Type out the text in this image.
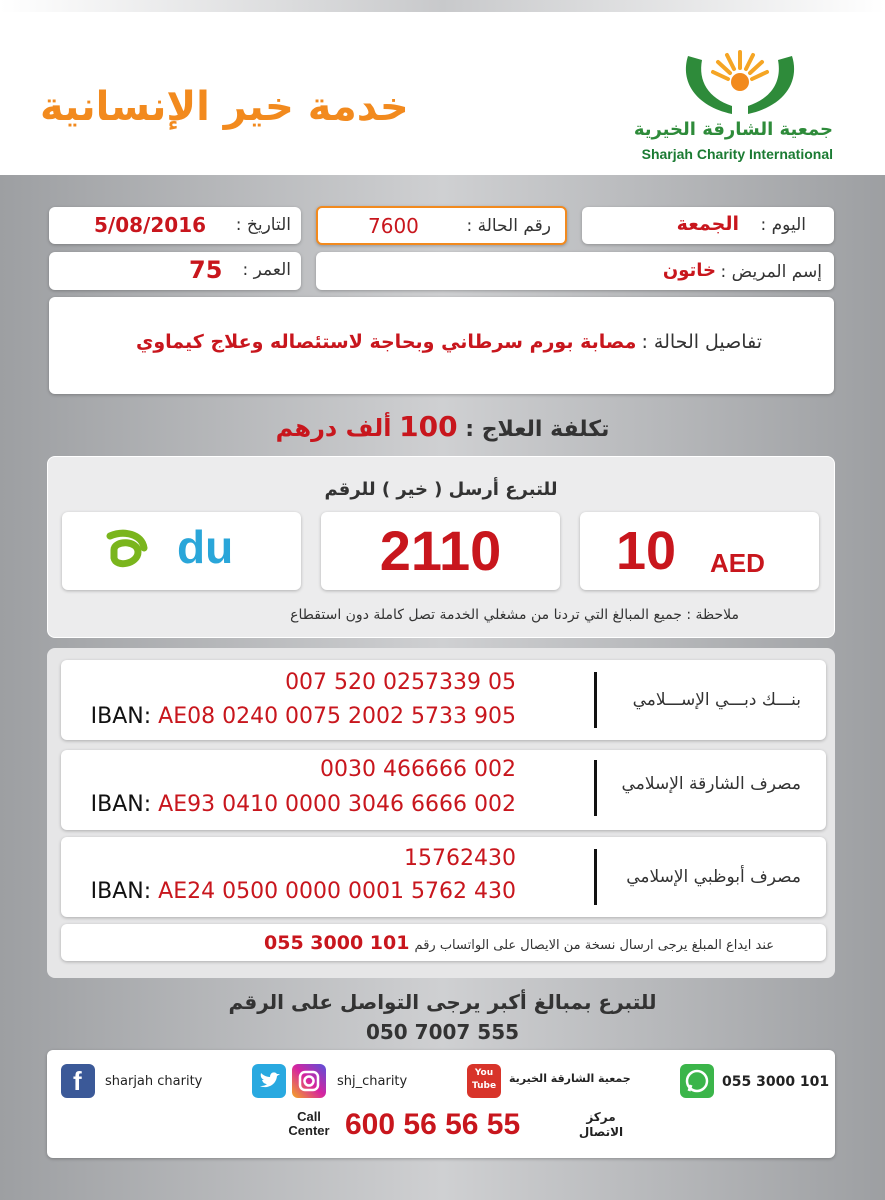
خدمة خير الإنسانية	جمعية الشارقة الخيرية
Sharjah Charity International
اليوم :
الجمعة
رقم الحالة :
7600
التاريخ :
5/08/2016
إسم المريض :
خاتون
العمر :
75
تفاصيل الحالة : مصابة بورم سرطاني وبحاجة لاستئصاله وعلاج كيماوي
تكلفة العلاج : 100 ألف درهم
للتبرع أرسل ( خير ) للرقم
10 AED
2110
du
ملاحظة : جميع المبالغ التي تردنا من مشغلي الخدمة تصل كاملة دون استقطاع
بنـــك دبـــي الإســـلامي
007 520 0257339 05
IBAN: AE08 0240 0075 2002 5733 905
مصرف الشارقة الإسلامي
0030 466666 002
IBAN: AE93 0410 0000 3046 6666 002
مصرف أبوظبي الإسلامي
15762430
IBAN: AE24 0500 0000 0001 5762 430
عند ايداع المبلغ يرجى ارسال نسخة من الايصال على الواتساب رقم 055 3000 101
للتبرع بمبالغ أكبر يرجى التواصل على الرقم
050 7007 555
055 3000 101
You Tube
جمعية الشارقة الخيرية
shj_charity
f sharjah charity
Call Center 600 56 56 55	مركز الاتصال
